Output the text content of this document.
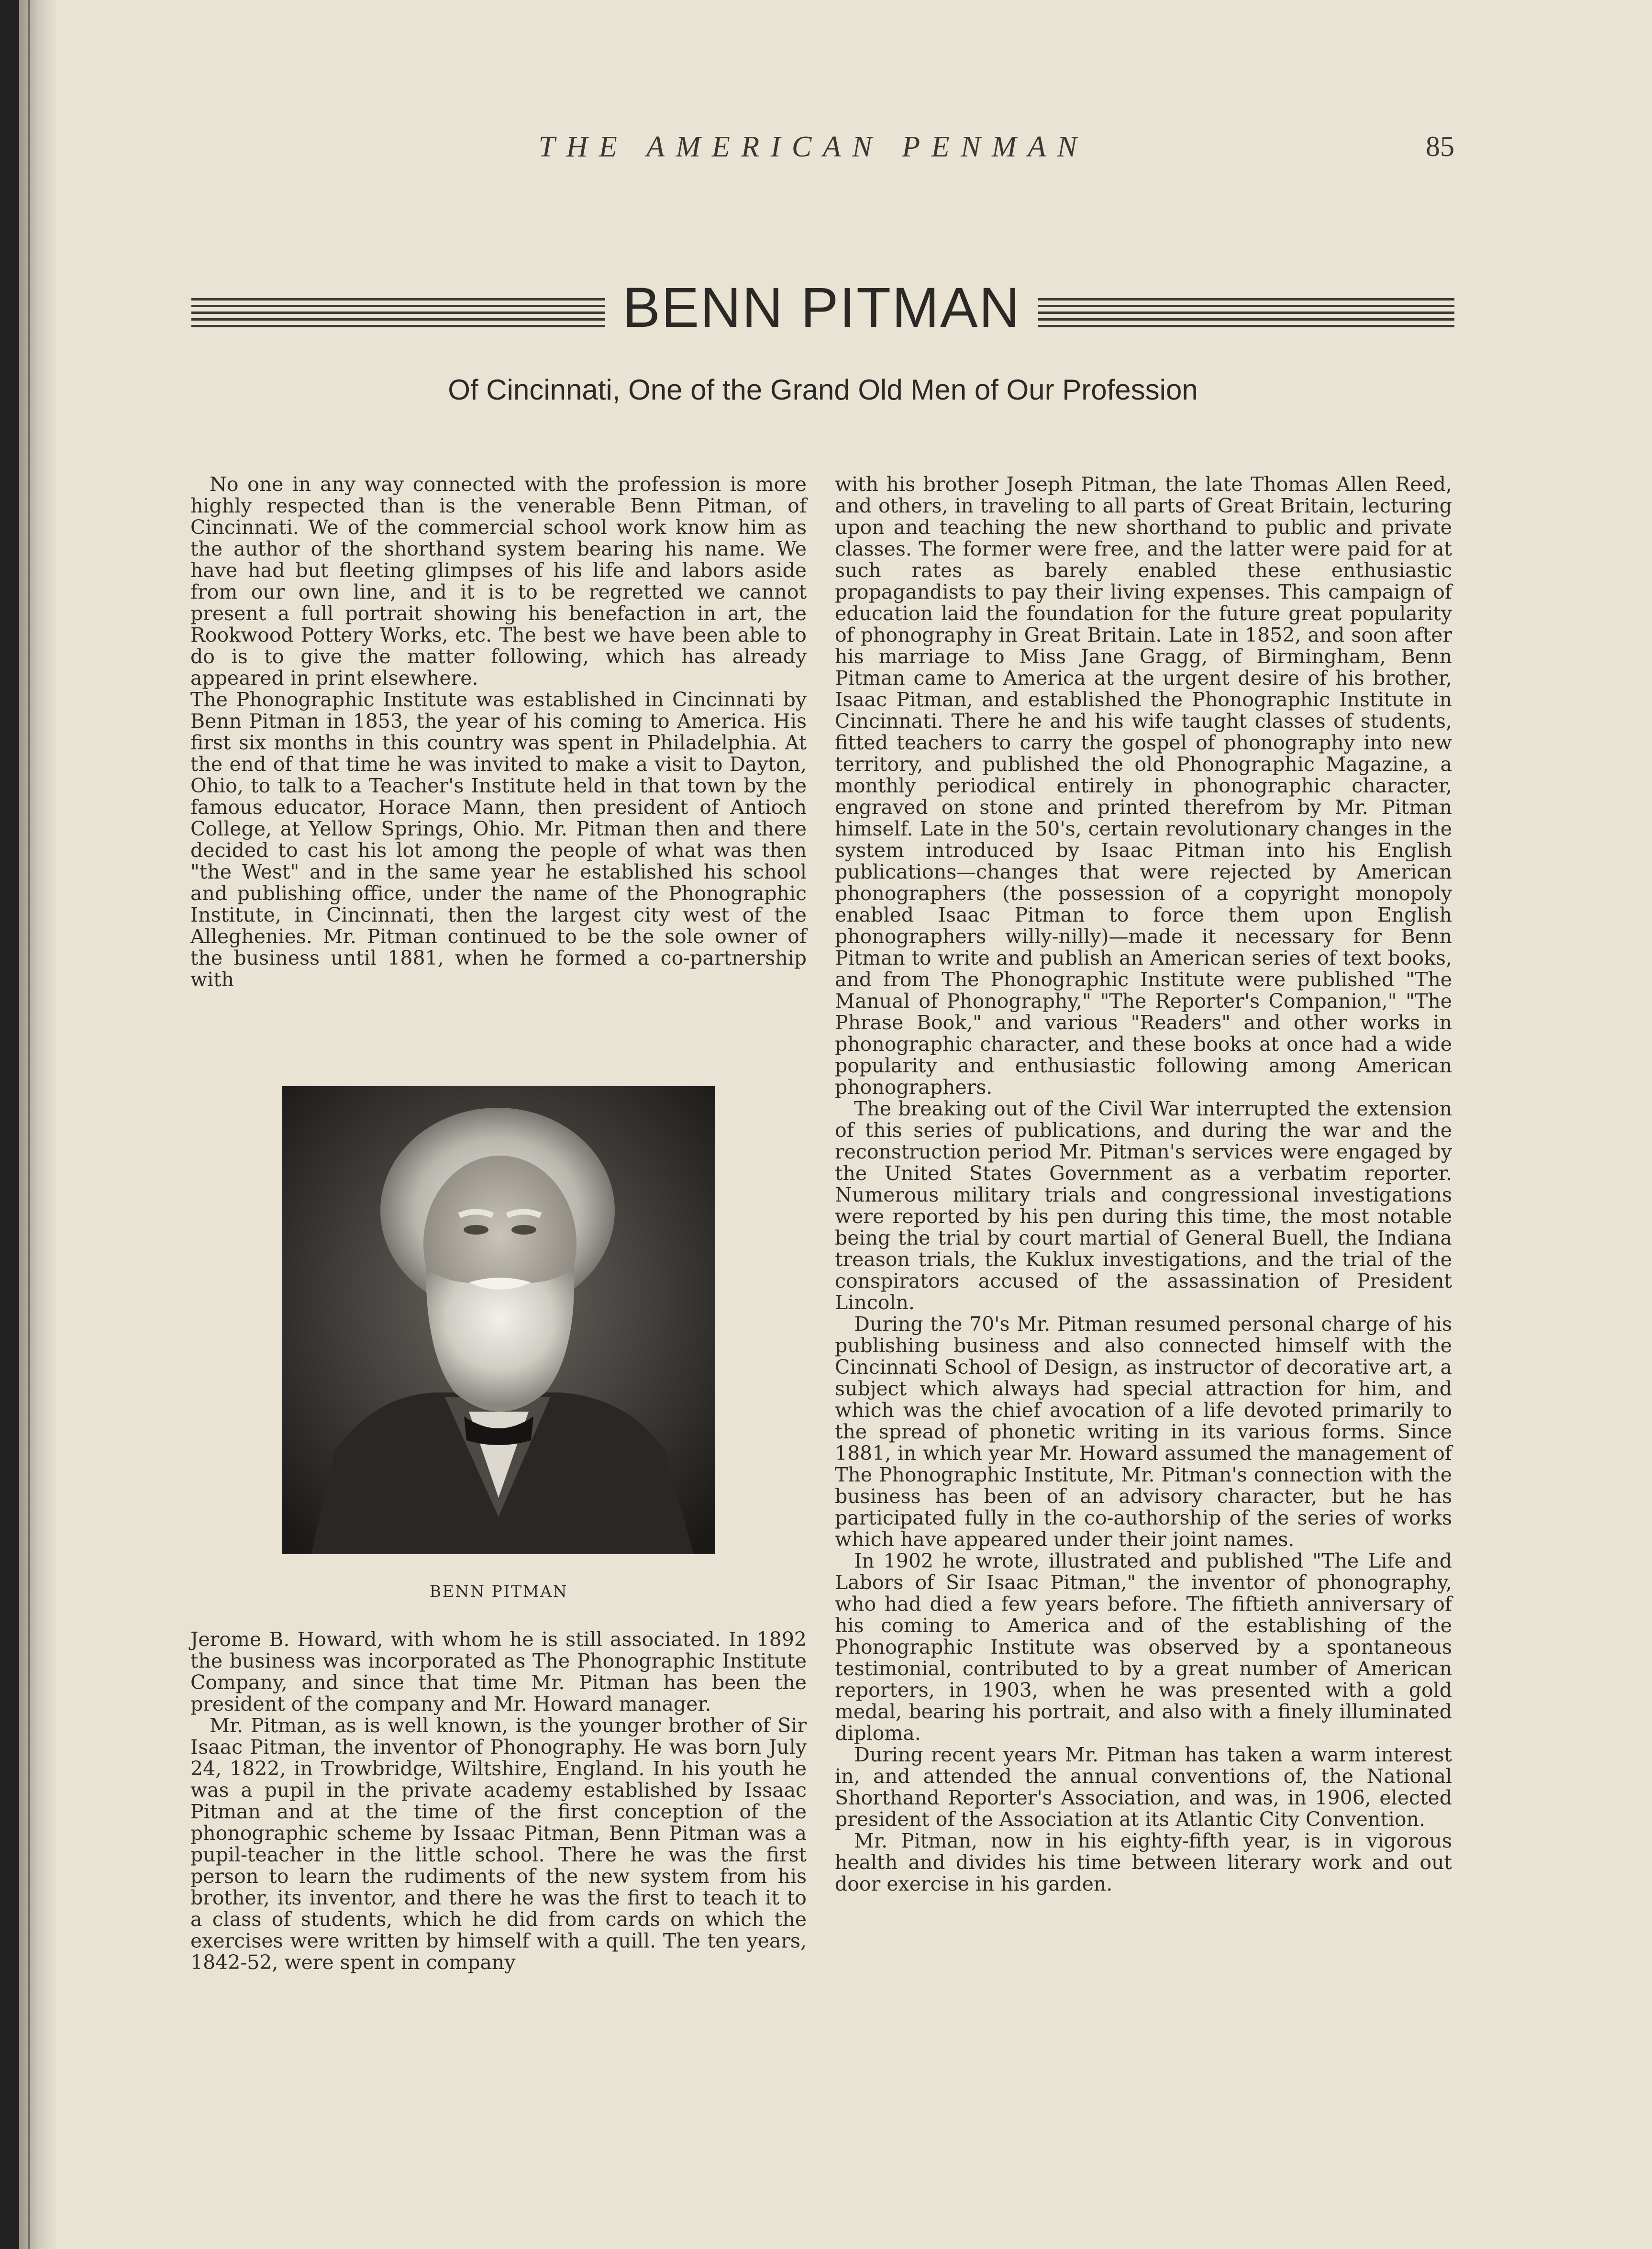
THE AMERICAN PENMAN	85
BENN PITMAN
Of Cincinnati, One of the Grand Old Men of Our Profession

No one in any way connected with the profession is more highly respected than is the venerable Benn Pitman, of Cincinnati. We of the commercial school work know him as the author of the shorthand system bearing his name. We have had but fleeting glimpses of his life and labors aside from our own line, and it is to be regretted we cannot present a full portrait showing his benefaction in art, the Rookwood Pottery Works, etc. The best we have been able to do is to give the matter following, which has already appeared in print elsewhere.

The Phonographic Institute was established in Cincinnati by Benn Pitman in 1853, the year of his coming to America. His first six months in this country was spent in Philadelphia. At the end of that time he was invited to make a visit to Dayton, Ohio, to talk to a Teacher's Institute held in that town by the famous educator, Horace Mann, then president of Antioch College, at Yellow Springs, Ohio. Mr. Pitman then and there decided to cast his lot among the people of what was then "the West" and in the same year he established his school and publishing office, under the name of the Phonographic Institute, in Cincinnati, then the largest city west of the Alleghenies. Mr. Pitman continued to be the sole owner of the business until 1881, when he formed a co-partnership with

BENN PITMAN

Jerome B. Howard, with whom he is still associated. In 1892 the business was incorporated as The Phonographic Institute Company, and since that time Mr. Pitman has been the president of the company and Mr. Howard manager.

Mr. Pitman, as is well known, is the younger brother of Sir Isaac Pitman, the inventor of Phonography. He was born July 24, 1822, in Trowbridge, Wiltshire, England. In his youth he was a pupil in the private academy established by Issaac Pitman and at the time of the first conception of the phonographic scheme by Issaac Pitman, Benn Pitman was a pupil-teacher in the little school. There he was the first person to learn the rudiments of the new system from his brother, its inventor, and there he was the first to teach it to a class of students, which he did from cards on which the exercises were written by himself with a quill. The ten years, 1842-52, were spent in company

with his brother Joseph Pitman, the late Thomas Allen Reed, and others, in traveling to all parts of Great Britain, lecturing upon and teaching the new shorthand to public and private classes. The former were free, and the latter were paid for at such rates as barely enabled these enthusiastic propagandists to pay their living expenses. This campaign of education laid the foundation for the future great popularity of phonography in Great Britain. Late in 1852, and soon after his marriage to Miss Jane Gragg, of Birmingham, Benn Pitman came to America at the urgent desire of his brother, Isaac Pitman, and established the Phonographic Institute in Cincinnati. There he and his wife taught classes of students, fitted teachers to carry the gospel of phonography into new territory, and published the old Phonographic Magazine, a monthly periodical entirely in phonographic character, engraved on stone and printed therefrom by Mr. Pitman himself. Late in the 50's, certain revolutionary changes in the system introduced by Isaac Pitman into his English publications—changes that were rejected by American phonographers (the possession of a copyright monopoly enabled Isaac Pitman to force them upon English phonographers willy-nilly)—made it necessary for Benn Pitman to write and publish an American series of text books, and from The Phonographic Institute were published "The Manual of Phonography," "The Reporter's Companion," "The Phrase Book," and various "Readers" and other works in phonographic character, and these books at once had a wide popularity and enthusiastic following among American phonographers.

The breaking out of the Civil War interrupted the extension of this series of publications, and during the war and the reconstruction period Mr. Pitman's services were engaged by the United States Government as a verbatim reporter. Numerous military trials and congressional investigations were reported by his pen during this time, the most notable being the trial by court martial of General Buell, the Indiana treason trials, the Kuklux investigations, and the trial of the conspirators accused of the assassination of President Lincoln.

During the 70's Mr. Pitman resumed personal charge of his publishing business and also connected himself with the Cincinnati School of Design, as instructor of decorative art, a subject which always had special attraction for him, and which was the chief avocation of a life devoted primarily to the spread of phonetic writing in its various forms. Since 1881, in which year Mr. Howard assumed the management of The Phonographic Institute, Mr. Pitman's connection with the business has been of an advisory character, but he has participated fully in the co-authorship of the series of works which have appeared under their joint names.

In 1902 he wrote, illustrated and published "The Life and Labors of Sir Isaac Pitman," the inventor of phonography, who had died a few years before. The fiftieth anniversary of his coming to America and of the establishing of the Phonographic Institute was observed by a spontaneous testimonial, contributed to by a great number of American reporters, in 1903, when he was presented with a gold medal, bearing his portrait, and also with a finely illuminated diploma.

During recent years Mr. Pitman has taken a warm interest in, and attended the annual conventions of, the National Shorthand Reporter's Association, and was, in 1906, elected president of the Association at its Atlantic City Convention.

Mr. Pitman, now in his eighty-fifth year, is in vigorous health and divides his time between literary work and out door exercise in his garden.
